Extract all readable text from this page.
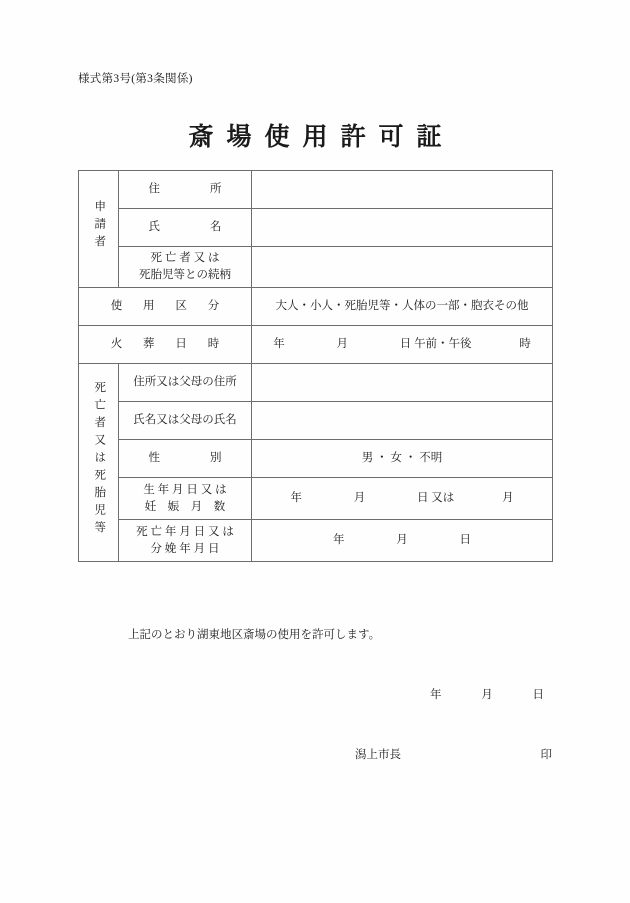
様式第3号(第3条関係)
斎場使用許可証
申請者	住　　所	
	氏　　名	

	死 亡 者 又 は
死胎児等との続柄	

使 用 区 分		大人・小人・死胎児等・人体の一部・胞衣その他
火 葬 日 時		年 月 日 午前・午後 時
死亡者又は死胎児等	住所又は父母の住所	
	氏名又は父母の氏名	
	性　　別	男 ・ 女 ・ 不明

	生 年 月 日 又 は
妊　娠　月　数	年 月 日 又は 月

	死 亡 年 月 日 又 は
分 娩 年 月 日	年 月 日
上記のとおり湖東地区斎場の使用を許可します。
年	月	日
潟上市長	印
